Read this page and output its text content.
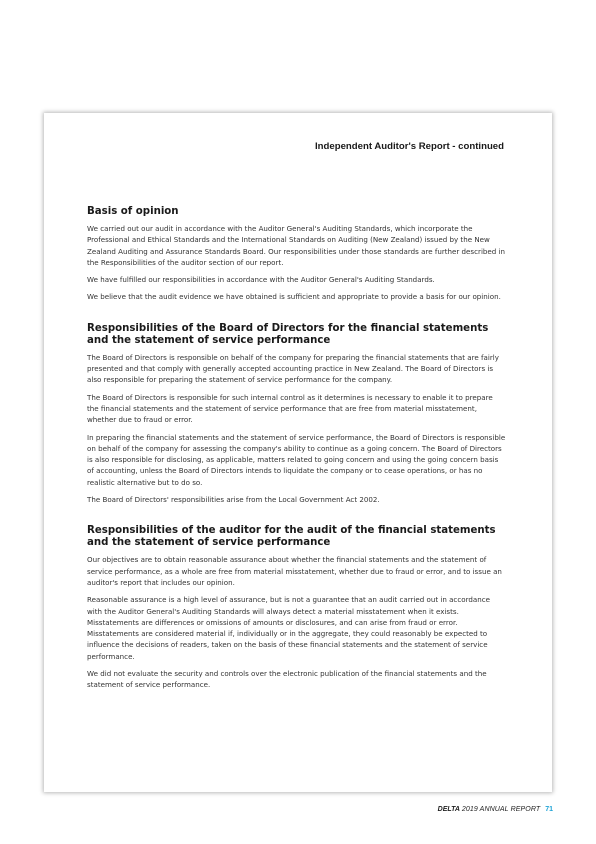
Independent Auditor's Report - continued
Basis of opinion

We carried out our audit in accordance with the Auditor General's Auditing Standards, which incorporate the Professional and Ethical Standards and the International Standards on Auditing (New Zealand) issued by the New Zealand Auditing and Assurance Standards Board. Our responsibilities under those standards are further described in the Responsibilities of the auditor section of our report.

We have fulfilled our responsibilities in accordance with the Auditor General's Auditing Standards.

We believe that the audit evidence we have obtained is sufficient and appropriate to provide a basis for our opinion.

Responsibilities of the Board of Directors for the financial statements and the statement of service performance

The Board of Directors is responsible on behalf of the company for preparing the financial statements that are fairly presented and that comply with generally accepted accounting practice in New Zealand. The Board of Directors is also responsible for preparing the statement of service performance for the company.

The Board of Directors is responsible for such internal control as it determines is necessary to enable it to prepare the financial statements and the statement of service performance that are free from material misstatement, whether due to fraud or error.

In preparing the financial statements and the statement of service performance, the Board of Directors is responsible on behalf of the company for assessing the company's ability to continue as a going concern. The Board of Directors is also responsible for disclosing, as applicable, matters related to going concern and using the going concern basis of accounting, unless the Board of Directors intends to liquidate the company or to cease operations, or has no realistic alternative but to do so.

The Board of Directors' responsibilities arise from the Local Government Act 2002.

Responsibilities of the auditor for the audit of the financial statements and the statement of service performance

Our objectives are to obtain reasonable assurance about whether the financial statements and the statement of service performance, as a whole are free from material misstatement, whether due to fraud or error, and to issue an auditor's report that includes our opinion.

Reasonable assurance is a high level of assurance, but is not a guarantee that an audit carried out in accordance with the Auditor General's Auditing Standards will always detect a material misstatement when it exists. Misstatements are differences or omissions of amounts or disclosures, and can arise from fraud or error. Misstatements are considered material if, individually or in the aggregate, they could reasonably be expected to influence the decisions of readers, taken on the basis of these financial statements and the statement of service performance.

We did not evaluate the security and controls over the electronic publication of the financial statements and the statement of service performance.

DELTA 2019 ANNUAL REPORT 71
